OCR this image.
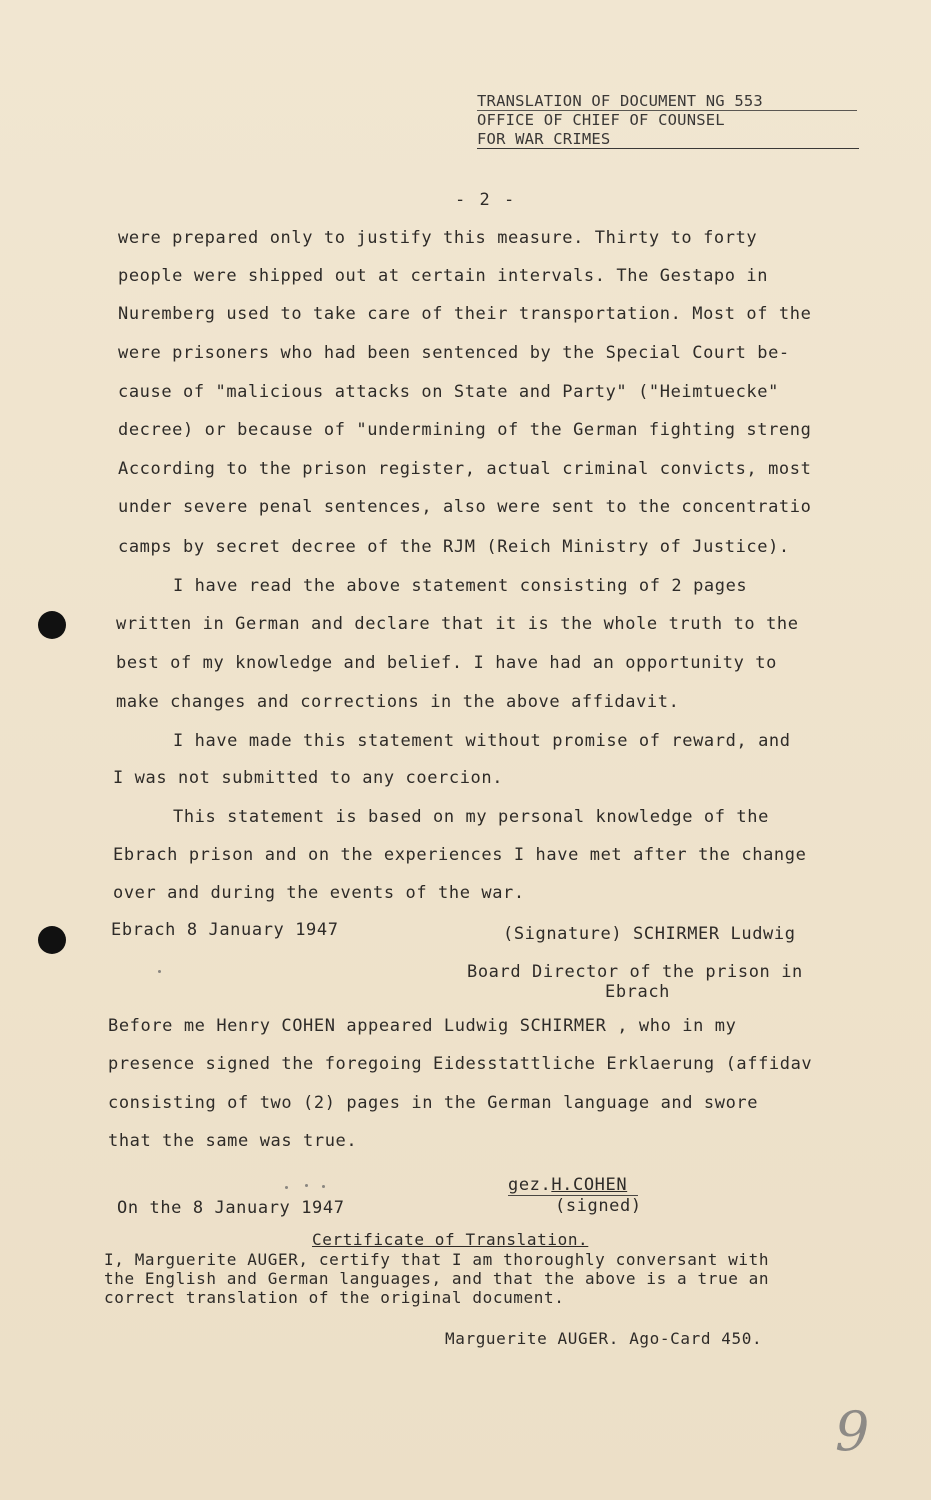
TRANSLATION OF DOCUMENT NG 553
OFFICE OF CHIEF OF COUNSEL
FOR WAR CRIMES
- 2 -
were prepared only to justify this measure. Thirty to forty
people were shipped out at certain intervals. The Gestapo in
Nuremberg used to take care of their transportation. Most of the
were prisoners who had been sentenced by the Special Court be-
cause of "malicious attacks on State and Party" ("Heimtuecke"
decree) or because of "undermining of the German fighting streng
According to the prison register, actual criminal convicts, most
under severe penal sentences, also were sent to the concentratio
camps by secret decree of the RJM (Reich Ministry of Justice).
I have read the above statement consisting of 2 pages
written in German and declare that it is the whole truth to the
best of my knowledge and belief. I have had an opportunity to
make changes and corrections in the above affidavit.
I have made this statement without promise of reward, and
I was not submitted to any coercion.
This statement is based on my personal knowledge of the
Ebrach prison and on the experiences I have met after the change
over and during the events of the war.
Ebrach 8 January 1947	(Signature) SCHIRMER Ludwig
Board Director of the prison in
Ebrach
Before me Henry COHEN appeared Ludwig SCHIRMER , who in my
presence signed the foregoing Eidesstattliche Erklaerung (affidav
consisting of two (2) pages in the German language and swore
that the same was true.
On the 8 January 1947
gez.H.COHEN
(signed)
Certificate of Translation.
I, Marguerite AUGER, certify that I am thoroughly conversant with
the English and German languages, and that the above is a true an
correct translation of the original document.
Marguerite AUGER. Ago-Card 450.
9
